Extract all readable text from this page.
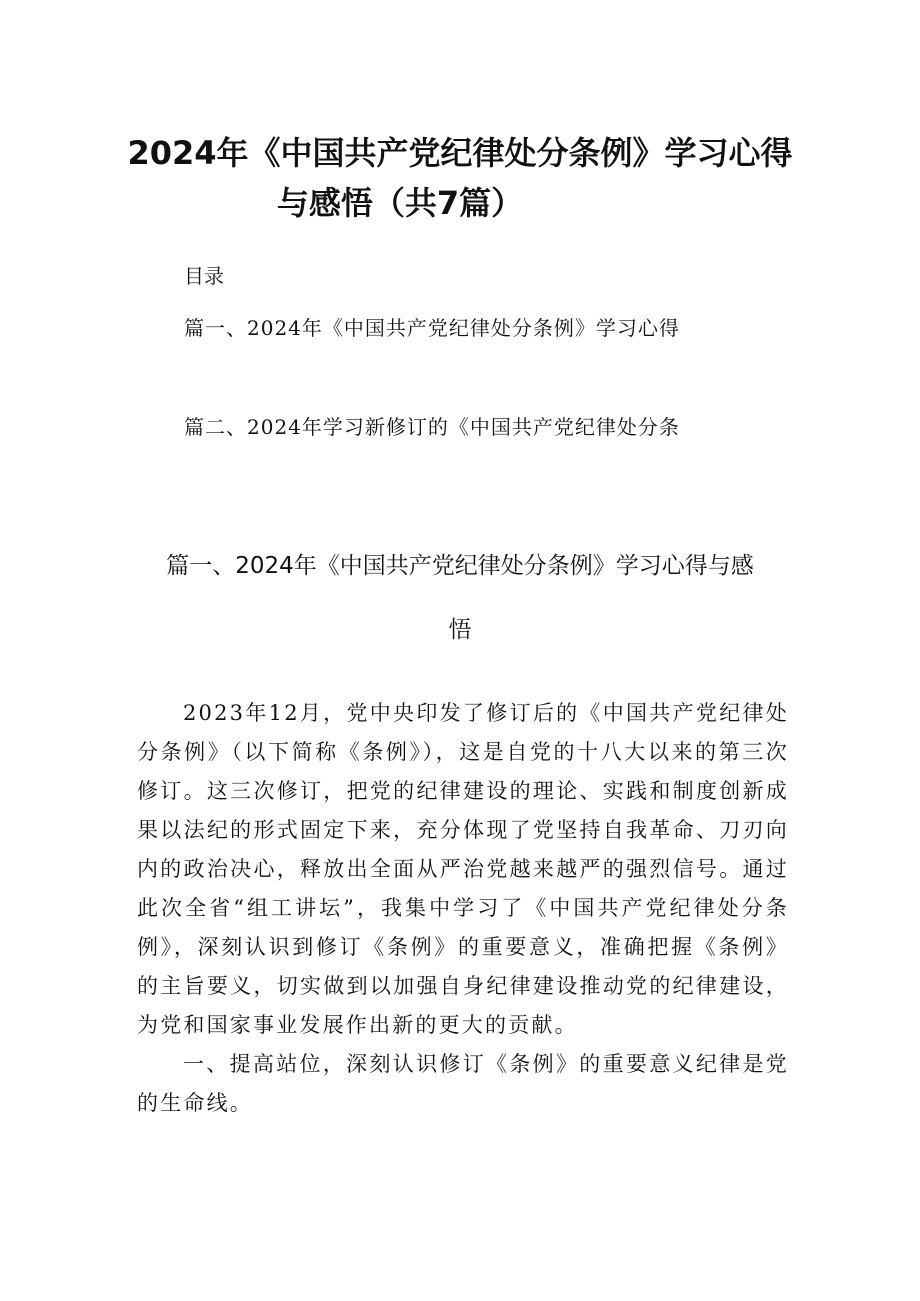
2024年《中国共产党纪律处分条例》学习心得
与感悟（共7篇）
目录
篇一、2024年《中国共产党纪律处分条例》学习心得
篇二、2024年学习新修订的《中国共产党纪律处分条
篇一、2024年《中国共产党纪律处分条例》学习心得与感
悟

2023年12月，党中央印发了修订后的《中国共产党纪律处分条例》（以下简称《条例》），这是自党的十八大以来的第三次修订。这三次修订，把党的纪律建设的理论、实践和制度创新成果以法纪的形式固定下来，充分体现了党坚持自我革命、刀刃向内的政治决心，释放出全面从严治党越来越严的强烈信号。通过此次全省“组工讲坛”，我集中学习了《中国共产党纪律处分条例》，深刻认识到修订《条例》的重要意义，准确把握《条例》的主旨要义，切实做到以加强自身纪律建设推动党的纪律建设，为党和国家事业发展作出新的更大的贡献。

一、提高站位，深刻认识修订《条例》的重要意义纪律是党的生命线。
